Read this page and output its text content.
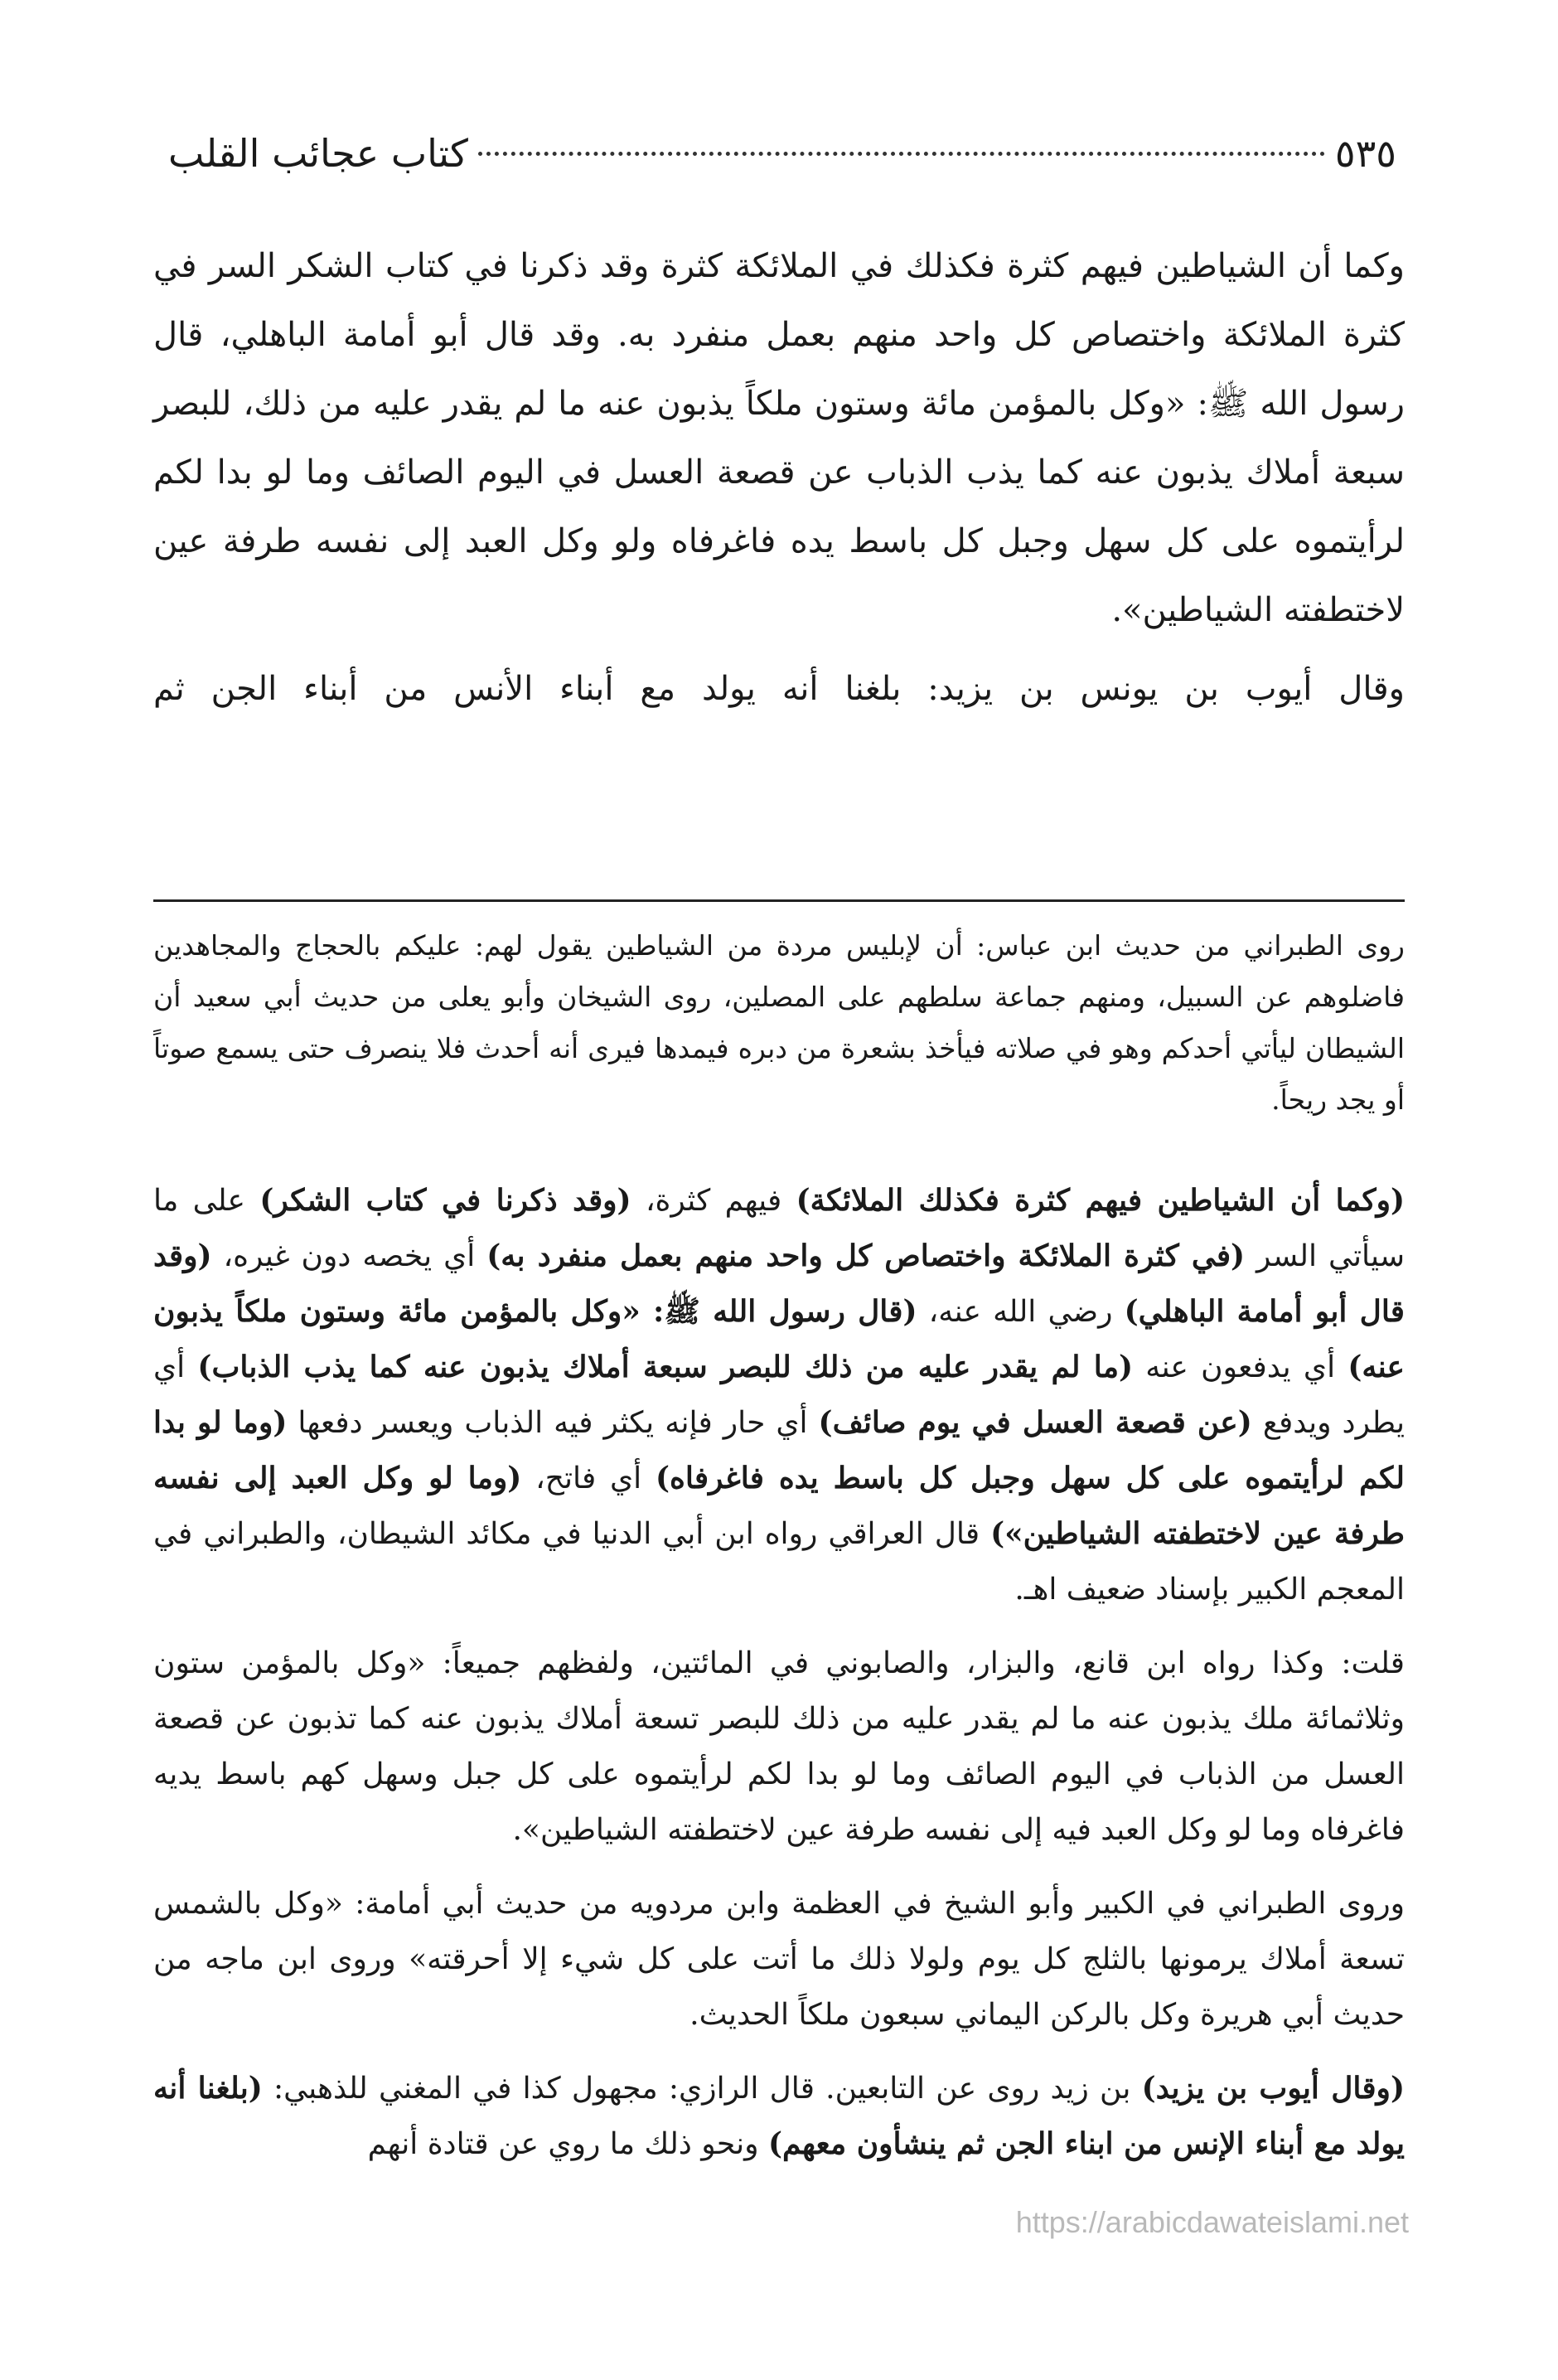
كتاب عجائب القلب	٥٣٥

وكما أن الشياطين فيهم كثرة فكذلك في الملائكة كثرة وقد ذكرنا في كتاب الشكر السر في كثرة الملائكة واختصاص كل واحد منهم بعمل منفرد به. وقد قال أبو أمامة الباهلي، قال رسول الله ﷺ: «وكل بالمؤمن مائة وستون ملكاً يذبون عنه ما لم يقدر عليه من ذلك، للبصر سبعة أملاك يذبون عنه كما يذب الذباب عن قصعة العسل في اليوم الصائف وما لو بدا لكم لرأيتموه على كل سهل وجبل كل باسط يده فاغرفاه ولو وكل العبد إلى نفسه طرفة عين لاختطفته الشياطين».

وقال أيوب بن يونس بن يزيد: بلغنا أنه يولد مع أبناء الأنس من أبناء الجن ثم

روى الطبراني من حديث ابن عباس: أن لإبليس مردة من الشياطين يقول لهم: عليكم بالحجاج والمجاهدين فاضلوهم عن السبيل، ومنهم جماعة سلطهم على المصلين، روى الشيخان وأبو يعلى من حديث أبي سعيد أن الشيطان ليأتي أحدكم وهو في صلاته فيأخذ بشعرة من دبره فيمدها فيرى أنه أحدث فلا ينصرف حتى يسمع صوتاً أو يجد ريحاً.

(وكما أن الشياطين فيهم كثرة فكذلك الملائكة) فيهم كثرة، (وقد ذكرنا في كتاب الشكر) على ما سيأتي السر (في كثرة الملائكة واختصاص كل واحد منهم بعمل منفرد به) أي يخصه دون غيره، (وقد قال أبو أمامة الباهلي) رضي الله عنه، (قال رسول الله ﷺ: «وكل بالمؤمن مائة وستون ملكاً يذبون عنه) أي يدفعون عنه (ما لم يقدر عليه من ذلك للبصر سبعة أملاك يذبون عنه كما يذب الذباب) أي يطرد ويدفع (عن قصعة العسل في يوم صائف) أي حار فإنه يكثر فيه الذباب ويعسر دفعها (وما لو بدا لكم لرأيتموه على كل سهل وجبل كل باسط يده فاغرفاه) أي فاتح، (وما لو وكل العبد إلى نفسه طرفة عين لاختطفته الشياطين») قال العراقي رواه ابن أبي الدنيا في مكائد الشيطان، والطبراني في المعجم الكبير بإسناد ضعيف اهـ.

قلت: وكذا رواه ابن قانع، والبزار، والصابوني في المائتين، ولفظهم جميعاً: «وكل بالمؤمن ستون وثلاثمائة ملك يذبون عنه ما لم يقدر عليه من ذلك للبصر تسعة أملاك يذبون عنه كما تذبون عن قصعة العسل من الذباب في اليوم الصائف وما لو بدا لكم لرأيتموه على كل جبل وسهل كهم باسط يديه فاغرفاه وما لو وكل العبد فيه إلى نفسه طرفة عين لاختطفته الشياطين».

وروى الطبراني في الكبير وأبو الشيخ في العظمة وابن مردويه من حديث أبي أمامة: «وكل بالشمس تسعة أملاك يرمونها بالثلج كل يوم ولولا ذلك ما أتت على كل شيء إلا أحرقته» وروى ابن ماجه من حديث أبي هريرة وكل بالركن اليماني سبعون ملكاً الحديث.

(وقال أيوب بن يزيد) بن زيد روى عن التابعين. قال الرازي: مجهول كذا في المغني للذهبي: (بلغنا أنه يولد مع أبناء الإنس من ابناء الجن ثم ينشأون معهم) ونحو ذلك ما روي عن قتادة أنهم

https://arabicdawateislami.net
